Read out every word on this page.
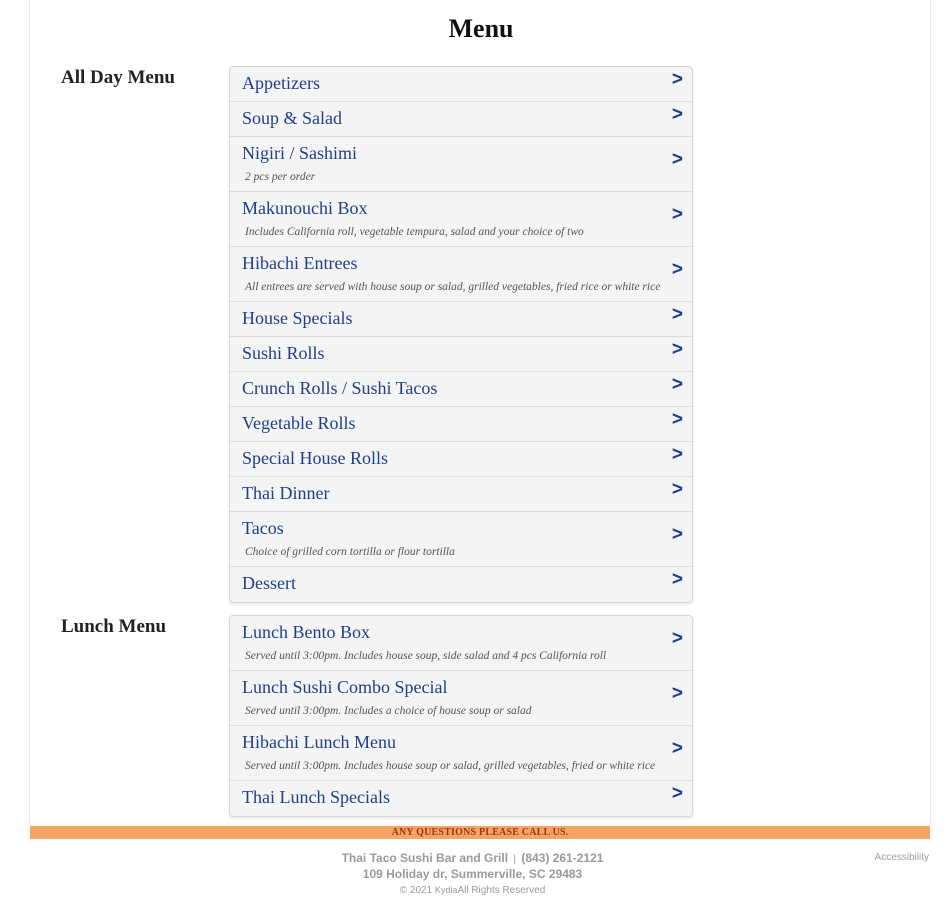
Menu
All Day Menu	Appetizers	>
Soup & Salad	>
Nigiri / Sashimi
2 pcs per order
>
Makunouchi Box
Includes California roll, vegetable tempura, salad and your choice of two
>
Hibachi Entrees
All entrees are served with house soup or salad, grilled vegetables, fried rice or white rice
>
House Specials	>
Sushi Rolls	>
Crunch Rolls / Sushi Tacos	>
Vegetable Rolls	>
Special House Rolls	>
Thai Dinner	>
Tacos
Choice of grilled corn tortilla or flour tortilla
>
Dessert	>
Lunch Menu	Lunch Bento Box
Served until 3:00pm. Includes house soup, side salad and 4 pcs California roll
>
Lunch Sushi Combo Special
Served until 3:00pm. Includes a choice of house soup or salad
>
Hibachi Lunch Menu
Served until 3:00pm. Includes house soup or salad, grilled vegetables, fried or white rice
>
Thai Lunch Specials	>
ANY QUESTIONS PLEASE CALL US.
Thai Taco Sushi Bar and Grill | (843) 261-2121
109 Holiday dr, Summerville, SC 29483
© 2021 KydiaAll Rights Reserved
Accessibility
